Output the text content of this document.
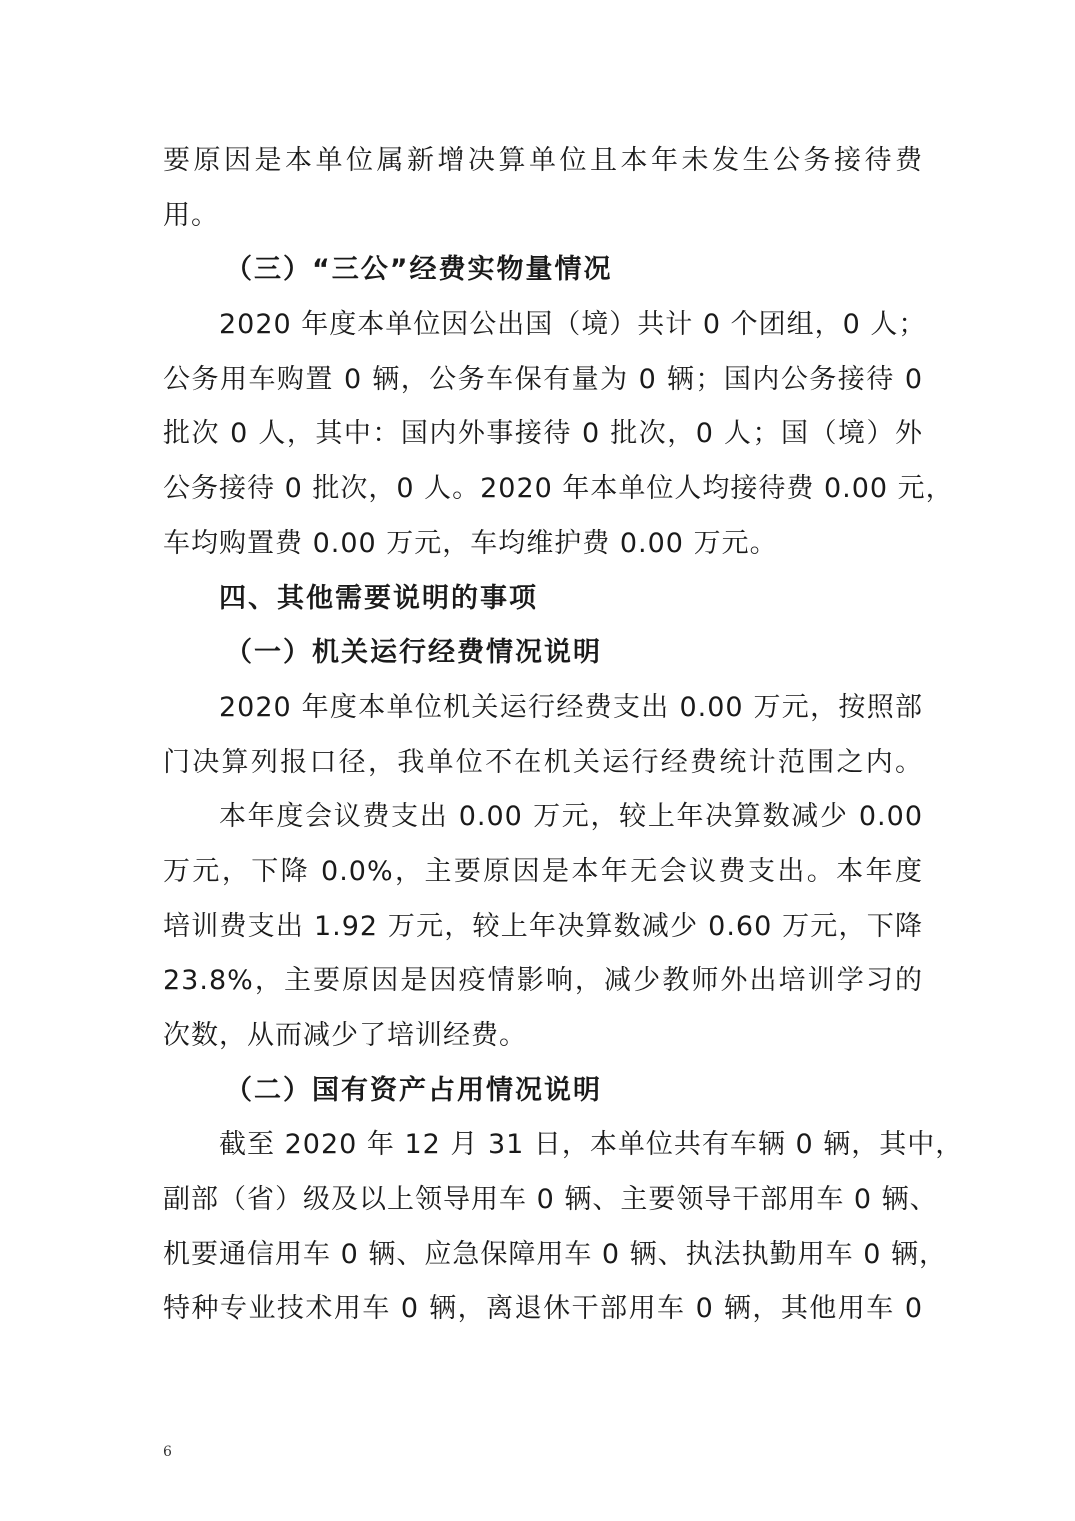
要原因是本单位属新增决算单位且本年未发生公务接待费
用。
（三）“三公”经费实物量情况
2020 年度本单位因公出国（境）共计 0 个团组，0 人；
公务用车购置 0 辆，公务车保有量为 0 辆；国内公务接待 0
批次 0 人，其中：国内外事接待 0 批次，0 人；国（境）外
公务接待 0 批次，0 人。2020 年本单位人均接待费 0.00 元，
车均购置费 0.00 万元，车均维护费 0.00 万元。
四、其他需要说明的事项
（一）机关运行经费情况说明
2020 年度本单位机关运行经费支出 0.00 万元，按照部
门决算列报口径，我单位不在机关运行经费统计范围之内。
本年度会议费支出 0.00 万元，较上年决算数减少 0.00
万元，下降 0.0%，主要原因是本年无会议费支出。本年度
培训费支出 1.92 万元，较上年决算数减少 0.60 万元，下降
23.8%，主要原因是因疫情影响，减少教师外出培训学习的
次数，从而减少了培训经费。
（二）国有资产占用情况说明
截至 2020 年 12 月 31 日，本单位共有车辆 0 辆，其中，
副部（省）级及以上领导用车 0 辆、主要领导干部用车 0 辆、
机要通信用车 0 辆、应急保障用车 0 辆、执法执勤用车 0 辆，
特种专业技术用车 0 辆，离退休干部用车 0 辆，其他用车 0
6
